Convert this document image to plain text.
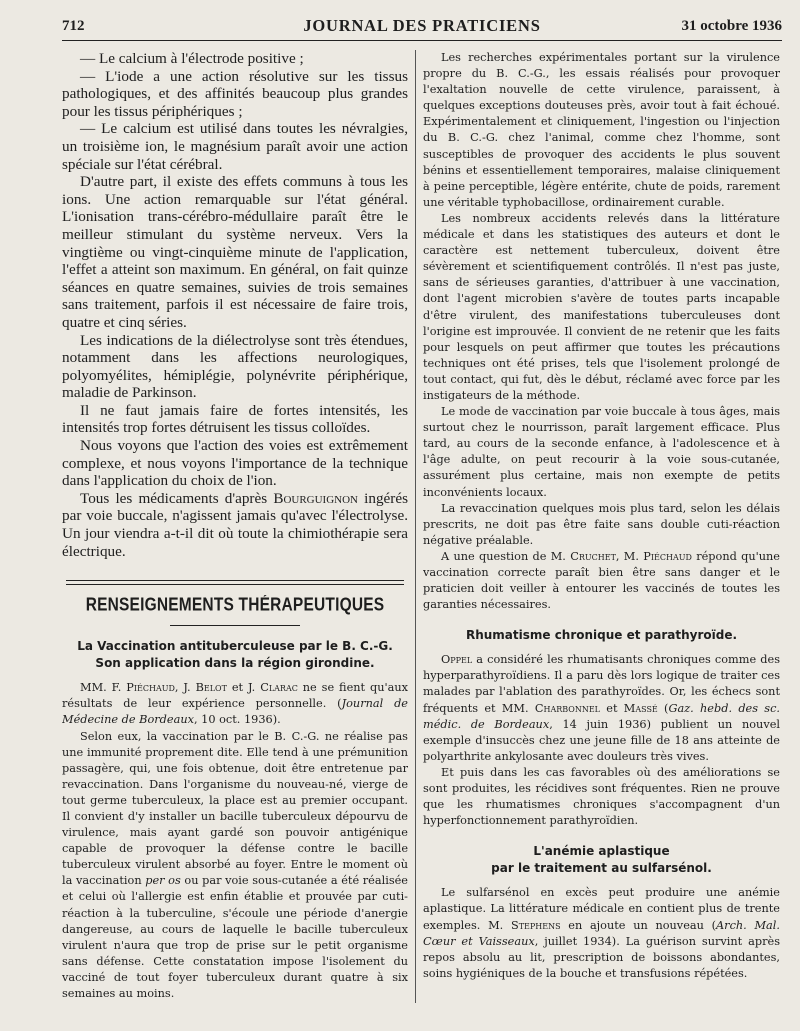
712	JOURNAL DES PRATICIENS	31 octobre 1936

— Le calcium à l'électrode positive ;

— L'iode a une action résolutive sur les tissus pathologiques, et des affinités beaucoup plus grandes pour les tissus périphériques ;

— Le calcium est utilisé dans toutes les névralgies, un troisième ion, le magnésium paraît avoir une action spéciale sur l'état cérébral.

D'autre part, il existe des effets communs à tous les ions. Une action remarquable sur l'état général. L'ionisation trans-cérébro-médullaire paraît être le meilleur stimulant du système nerveux. Vers la vingtième ou vingt-cinquième minute de l'application, l'effet a atteint son maximum. En général, on fait quinze séances en quatre semaines, suivies de trois semaines sans traitement, parfois il est nécessaire de faire trois, quatre et cinq séries.

Les indications de la diélectrolyse sont très étendues, notamment dans les affections neurologiques, polyomyélites, hémiplégie, polynévrite périphérique, maladie de Parkinson.

Il ne faut jamais faire de fortes intensités, les intensités trop fortes détruisent les tissus colloïdes.

Nous voyons que l'action des voies est extrêmement complexe, et nous voyons l'importance de la technique dans l'application du choix de l'ion.

Tous les médicaments d'après Bourguignon ingérés par voie buccale, n'agissent jamais qu'avec l'électrolyse. Un jour viendra a-t-il dit où toute la chimiothérapie sera électrique.

RENSEIGNEMENTS THÉRAPEUTIQUES
La Vaccination antituberculeuse par le B. C.-G.
Son application dans la région girondine.

MM. F. Piéchaud, J. Belot et J. Clarac ne se fient qu'aux résultats de leur expérience personnelle. (Journal de Médecine de Bordeaux, 10 oct. 1936).

Selon eux, la vaccination par le B. C.-G. ne réalise pas une immunité proprement dite. Elle tend à une prémunition passagère, qui, une fois obtenue, doit être entretenue par revaccination. Dans l'organisme du nouveau-né, vierge de tout germe tuberculeux, la place est au premier occupant. Il convient d'y installer un bacille tuberculeux dépourvu de virulence, mais ayant gardé son pouvoir antigénique capable de provoquer la défense contre le bacille tuberculeux virulent absorbé au foyer. Entre le moment où la vaccination per os ou par voie sous-cutanée a été réalisée et celui où l'allergie est enfin établie et prouvée par cuti-réaction à la tuberculine, s'écoule une période d'anergie dangereuse, au cours de laquelle le bacille tuberculeux virulent n'aura que trop de prise sur le petit organisme sans défense. Cette constatation impose l'isolement du vacciné de tout foyer tuberculeux durant quatre à six semaines au moins.

Les recherches expérimentales portant sur la virulence propre du B. C.-G., les essais réalisés pour provoquer l'exaltation nouvelle de cette virulence, paraissent, à quelques exceptions douteuses près, avoir tout à fait échoué. Expérimentalement et cliniquement, l'ingestion ou l'injection du B. C.-G. chez l'animal, comme chez l'homme, sont susceptibles de provoquer des accidents le plus souvent bénins et essentiellement temporaires, malaise cliniquement à peine perceptible, légère entérite, chute de poids, rarement une véritable typhobacillose, ordinairement curable.

Les nombreux accidents relevés dans la littérature médicale et dans les statistiques des auteurs et dont le caractère est nettement tuberculeux, doivent être sévèrement et scientifiquement contrôlés. Il n'est pas juste, sans de sérieuses garanties, d'attribuer à une vaccination, dont l'agent microbien s'avère de toutes parts incapable d'être virulent, des manifestations tuberculeuses dont l'origine est improuvée. Il convient de ne retenir que les faits pour lesquels on peut affirmer que toutes les précautions techniques ont été prises, tels que l'isolement prolongé de tout contact, qui fut, dès le début, réclamé avec force par les instigateurs de la méthode.

Le mode de vaccination par voie buccale à tous âges, mais surtout chez le nourrisson, paraît largement efficace. Plus tard, au cours de la seconde enfance, à l'adolescence et à l'âge adulte, on peut recourir à la voie sous-cutanée, assurément plus certaine, mais non exempte de petits inconvénients locaux.

La revaccination quelques mois plus tard, selon les délais prescrits, ne doit pas être faite sans double cuti-réaction négative préalable.

A une question de M. Cruchet, M. Piéchaud répond qu'une vaccination correcte paraît bien être sans danger et le praticien doit veiller à entourer les vaccinés de toutes les garanties nécessaires.

Rhumatisme chronique et parathyroïde.

Oppel a considéré les rhumatisants chroniques comme des hyperparathyroïdiens. Il a paru dès lors logique de traiter ces malades par l'ablation des parathyroïdes. Or, les échecs sont fréquents et MM. Charbonnel et Massé (Gaz. hebd. des sc. médic. de Bordeaux, 14 juin 1936) publient un nouvel exemple d'insuccès chez une jeune fille de 18 ans atteinte de polyarthrite ankylosante avec douleurs très vives.

Et puis dans les cas favorables où des améliorations se sont produites, les récidives sont fréquentes. Rien ne prouve que les rhumatismes chroniques s'accompagnent d'un hyperfonctionnement parathyroïdien.

L'anémie aplastique
par le traitement au sulfarsénol.

Le sulfarsénol en excès peut produire une anémie aplastique. La littérature médicale en contient plus de trente exemples. M. Stephens en ajoute un nouveau (Arch. Mal. Cœur et Vaisseaux, juillet 1934). La guérison survint après repos absolu au lit, prescription de boissons abondantes, soins hygiéniques de la bouche et transfusions répétées.
